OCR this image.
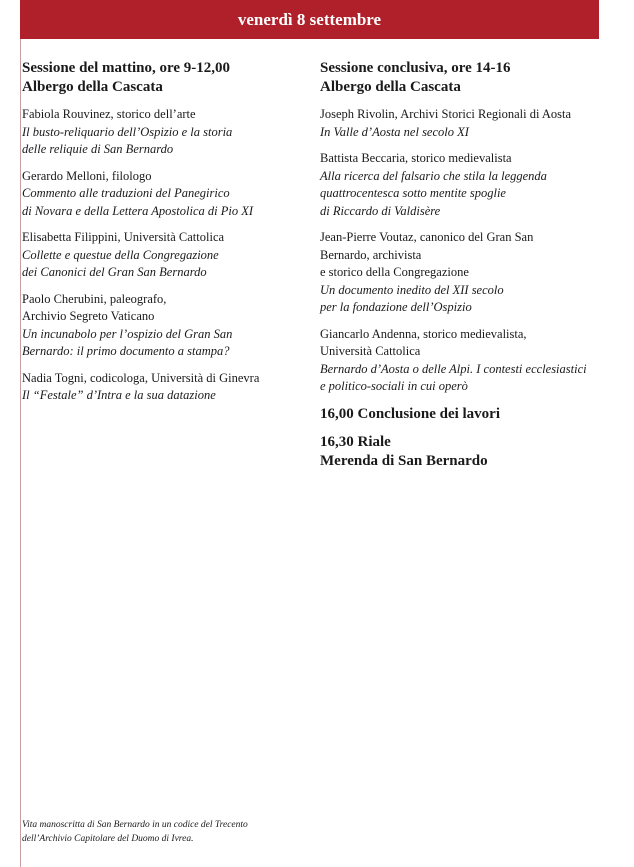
venerdì 8 settembre
Sessione del mattino, ore 9-12,00
Albergo della Cascata
Fabiola Rouvinez, storico dell’arte
Il busto-reliquario dell’Ospizio e la storia
delle reliquie di San Bernardo
Gerardo Melloni, filologo
Commento alle traduzioni del Panegirico
di Novara e della Lettera Apostolica di Pio XI
Elisabetta Filippini, Università Cattolica
Collette e questue della Congregazione
dei Canonici del Gran San Bernardo
Paolo Cherubini, paleografo,
Archivio Segreto Vaticano
Un incunabolo per l’ospizio del Gran San
Bernardo: il primo documento a stampa?
Nadia Togni, codicologa, Università di Ginevra
Il “Festale” d’Intra e la sua datazione
Sessione conclusiva, ore 14-16
Albergo della Cascata
Joseph Rivolin, Archivi Storici Regionali di Aosta
In Valle d’Aosta nel secolo XI
Battista Beccaria, storico medievalista
Alla ricerca del falsario che stila la leggenda
quattrocentesca sotto mentite spoglie
di Riccardo di Valdisère
Jean-Pierre Voutaz, canonico del Gran San
Bernardo, archivista
e storico della Congregazione
Un documento inedito del XII secolo
per la fondazione dell’Ospizio
Giancarlo Andenna, storico medievalista,
Università Cattolica
Bernardo d’Aosta o delle Alpi. I contesti ecclesiastici
e politico-sociali in cui operò
16,00 Conclusione dei lavori
16,30 Riale
Merenda di San Bernardo
Vita manoscritta di San Bernardo in un codice del Trecento
dell’Archivio Capitolare del Duomo di Ivrea.
